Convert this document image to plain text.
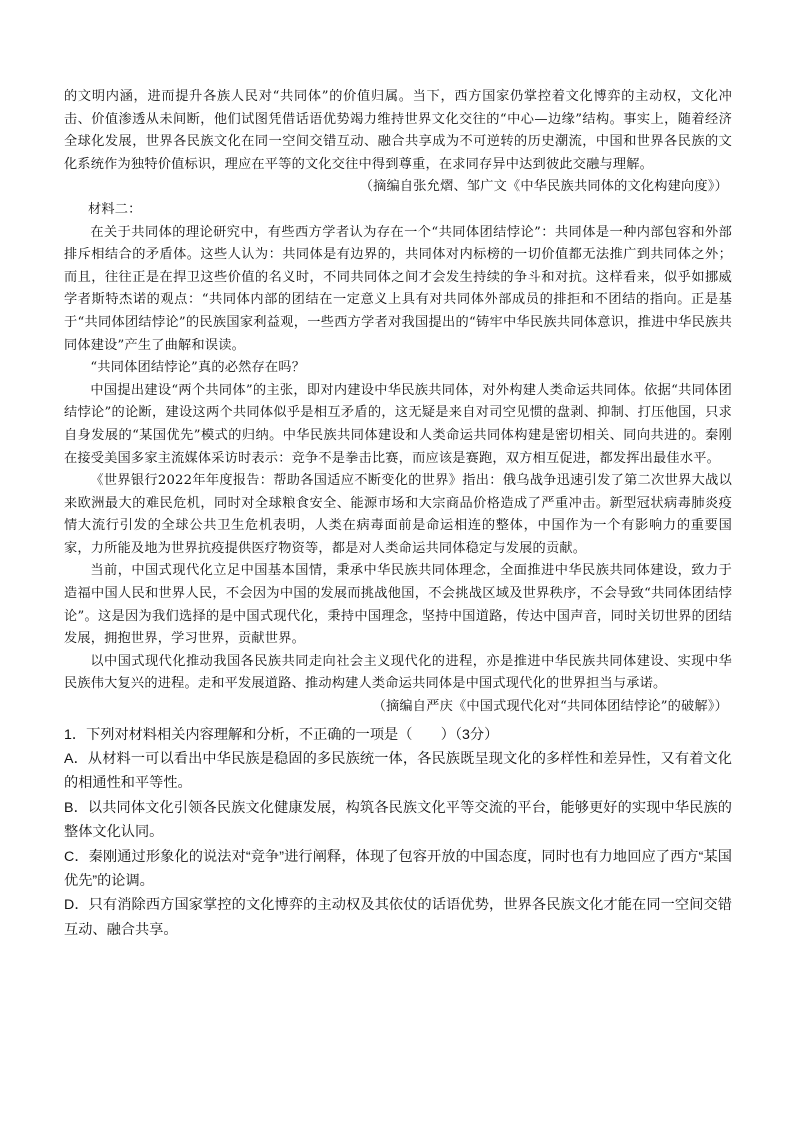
的文明内涵，进而提升各族人民对“共同体”的价值归属。当下，西方国家仍掌控着文化博弈的主动权，文化冲击、价值渗透从未间断，他们试图凭借话语优势竭力维持世界文化交往的“中心—边缘”结构。事实上，随着经济全球化发展，世界各民族文化在同一空间交错互动、融合共享成为不可逆转的历史潮流，中国和世界各民族的文化系统作为独特价值标识，理应在平等的文化交往中得到尊重，在求同存异中达到彼此交融与理解。

（摘编自张允熠、邹广文《中华民族共同体的文化构建向度》）

材料二：

在关于共同体的理论研究中，有些西方学者认为存在一个“共同体团结悖论”：共同体是一种内部包容和外部排斥相结合的矛盾体。这些人认为：共同体是有边界的，共同体对内标榜的一切价值都无法推广到共同体之外；而且，往往正是在捍卫这些价值的名义时，不同共同体之间才会发生持续的争斗和对抗。这样看来，似乎如挪威学者斯特杰诺的观点：“共同体内部的团结在一定意义上具有对共同体外部成员的排拒和不团结的指向。正是基于“共同体团结悖论”的民族国家利益观，一些西方学者对我国提出的“铸牢中华民族共同体意识，推进中华民族共同体建设”产生了曲解和误读。

“共同体团结悖论”真的必然存在吗？

中国提出建设“两个共同体”的主张，即对内建设中华民族共同体，对外构建人类命运共同体。依据“共同体团结悖论”的论断，建设这两个共同体似乎是相互矛盾的，这无疑是来自对司空见惯的盘剥、抑制、打压他国，只求自身发展的“某国优先”模式的归纳。中华民族共同体建设和人类命运共同体构建是密切相关、同向共进的。秦刚在接受美国多家主流媒体采访时表示：竞争不是拳击比赛，而应该是赛跑，双方相互促进，都发挥出最佳水平。

《世界银行2022年年度报告：帮助各国适应不断变化的世界》指出：俄乌战争迅速引发了第二次世界大战以来欧洲最大的难民危机，同时对全球粮食安全、能源市场和大宗商品价格造成了严重冲击。新型冠状病毒肺炎疫情大流行引发的全球公共卫生危机表明，人类在病毒面前是命运相连的整体，中国作为一个有影响力的重要国家，力所能及地为世界抗疫提供医疗物资等，都是对人类命运共同体稳定与发展的贡献。

当前，中国式现代化立足中国基本国情，秉承中华民族共同体理念，全面推进中华民族共同体建设，致力于造福中国人民和世界人民，不会因为中国的发展而挑战他国，不会挑战区域及世界秩序，不会导致“共同体团结悖论”。这是因为我们选择的是中国式现代化，秉持中国理念，坚持中国道路，传达中国声音，同时关切世界的团结发展，拥抱世界，学习世界，贡献世界。

以中国式现代化推动我国各民族共同走向社会主义现代化的进程，亦是推进中华民族共同体建设、实现中华民族伟大复兴的进程。走和平发展道路、推动构建人类命运共同体是中国式现代化的世界担当与承诺。

（摘编自严庆《中国式现代化对“共同体团结悖论”的破解》）

1．下列对材料相关内容理解和分析，不正确的一项是（　　）（3分）

A．从材料一可以看出中华民族是稳固的多民族统一体，各民族既呈现文化的多样性和差异性，又有着文化的相通性和平等性。

B．以共同体文化引领各民族文化健康发展，构筑各民族文化平等交流的平台，能够更好的实现中华民族的整体文化认同。

C．秦刚通过形象化的说法对“竞争”进行阐释，体现了包容开放的中国态度，同时也有力地回应了西方“某国优先”的论调。

D．只有消除西方国家掌控的文化博弈的主动权及其依仗的话语优势，世界各民族文化才能在同一空间交错互动、融合共享。
